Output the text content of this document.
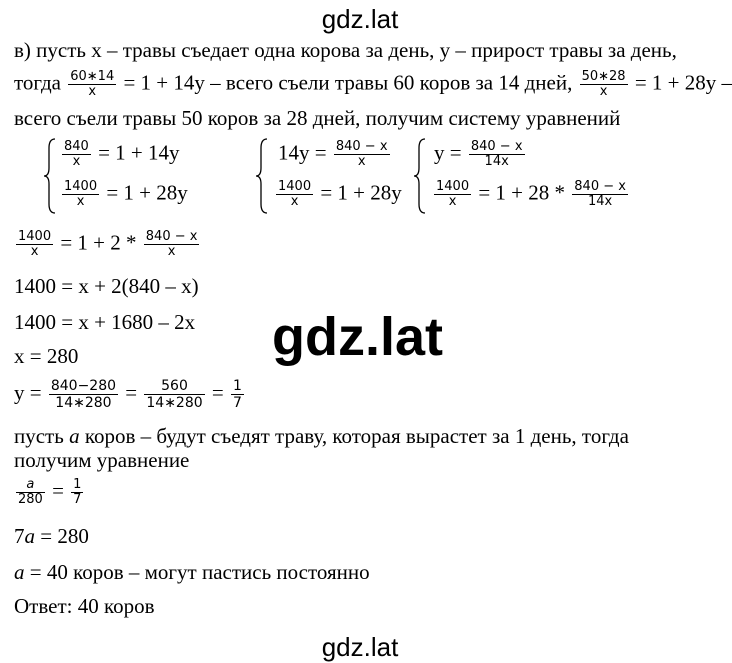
gdz.lat
gdz.lat
gdz.lat
в) пусть x – травы съедает одна корова за день, y – прирост травы за день,
тогда $\frac{60∗14}{x} = 1 + 14y$ – всего съели травы 60 коров за 14 дней, $\frac{50∗28}{x} = 1 + 28y$ –
всего съели травы 50 коров за 28 дней, получим систему уравнений
$\frac{840}{x} = 1 + 14y$
$\frac{1400}{x} = 1 + 28y$
$14y = \frac{840 - x}{x}$
$\frac{1400}{x} = 1 + 28y$
$y = \frac{840 - x}{14x}$
$\frac{1400}{x} = 1 + 28 * \frac{840 - x}{14x}$
$\frac{1400}{x} = 1 + 2 * \frac{840 - x}{x}$
1400 = x + 2(840 – x)
1400 = x + 1680 – 2x
x = 280
$y = \frac{840-280}{14∗280} = \frac{560}{14∗280} = \frac{1}{7}$
пусть a коров – будут съедят траву, которая вырастет за 1 день, тогда
получим уравнение
$\frac{a}{280} = \frac{1}{7}$
7a = 280
a = 40 коров – могут пастись постоянно
Ответ: 40 коров
